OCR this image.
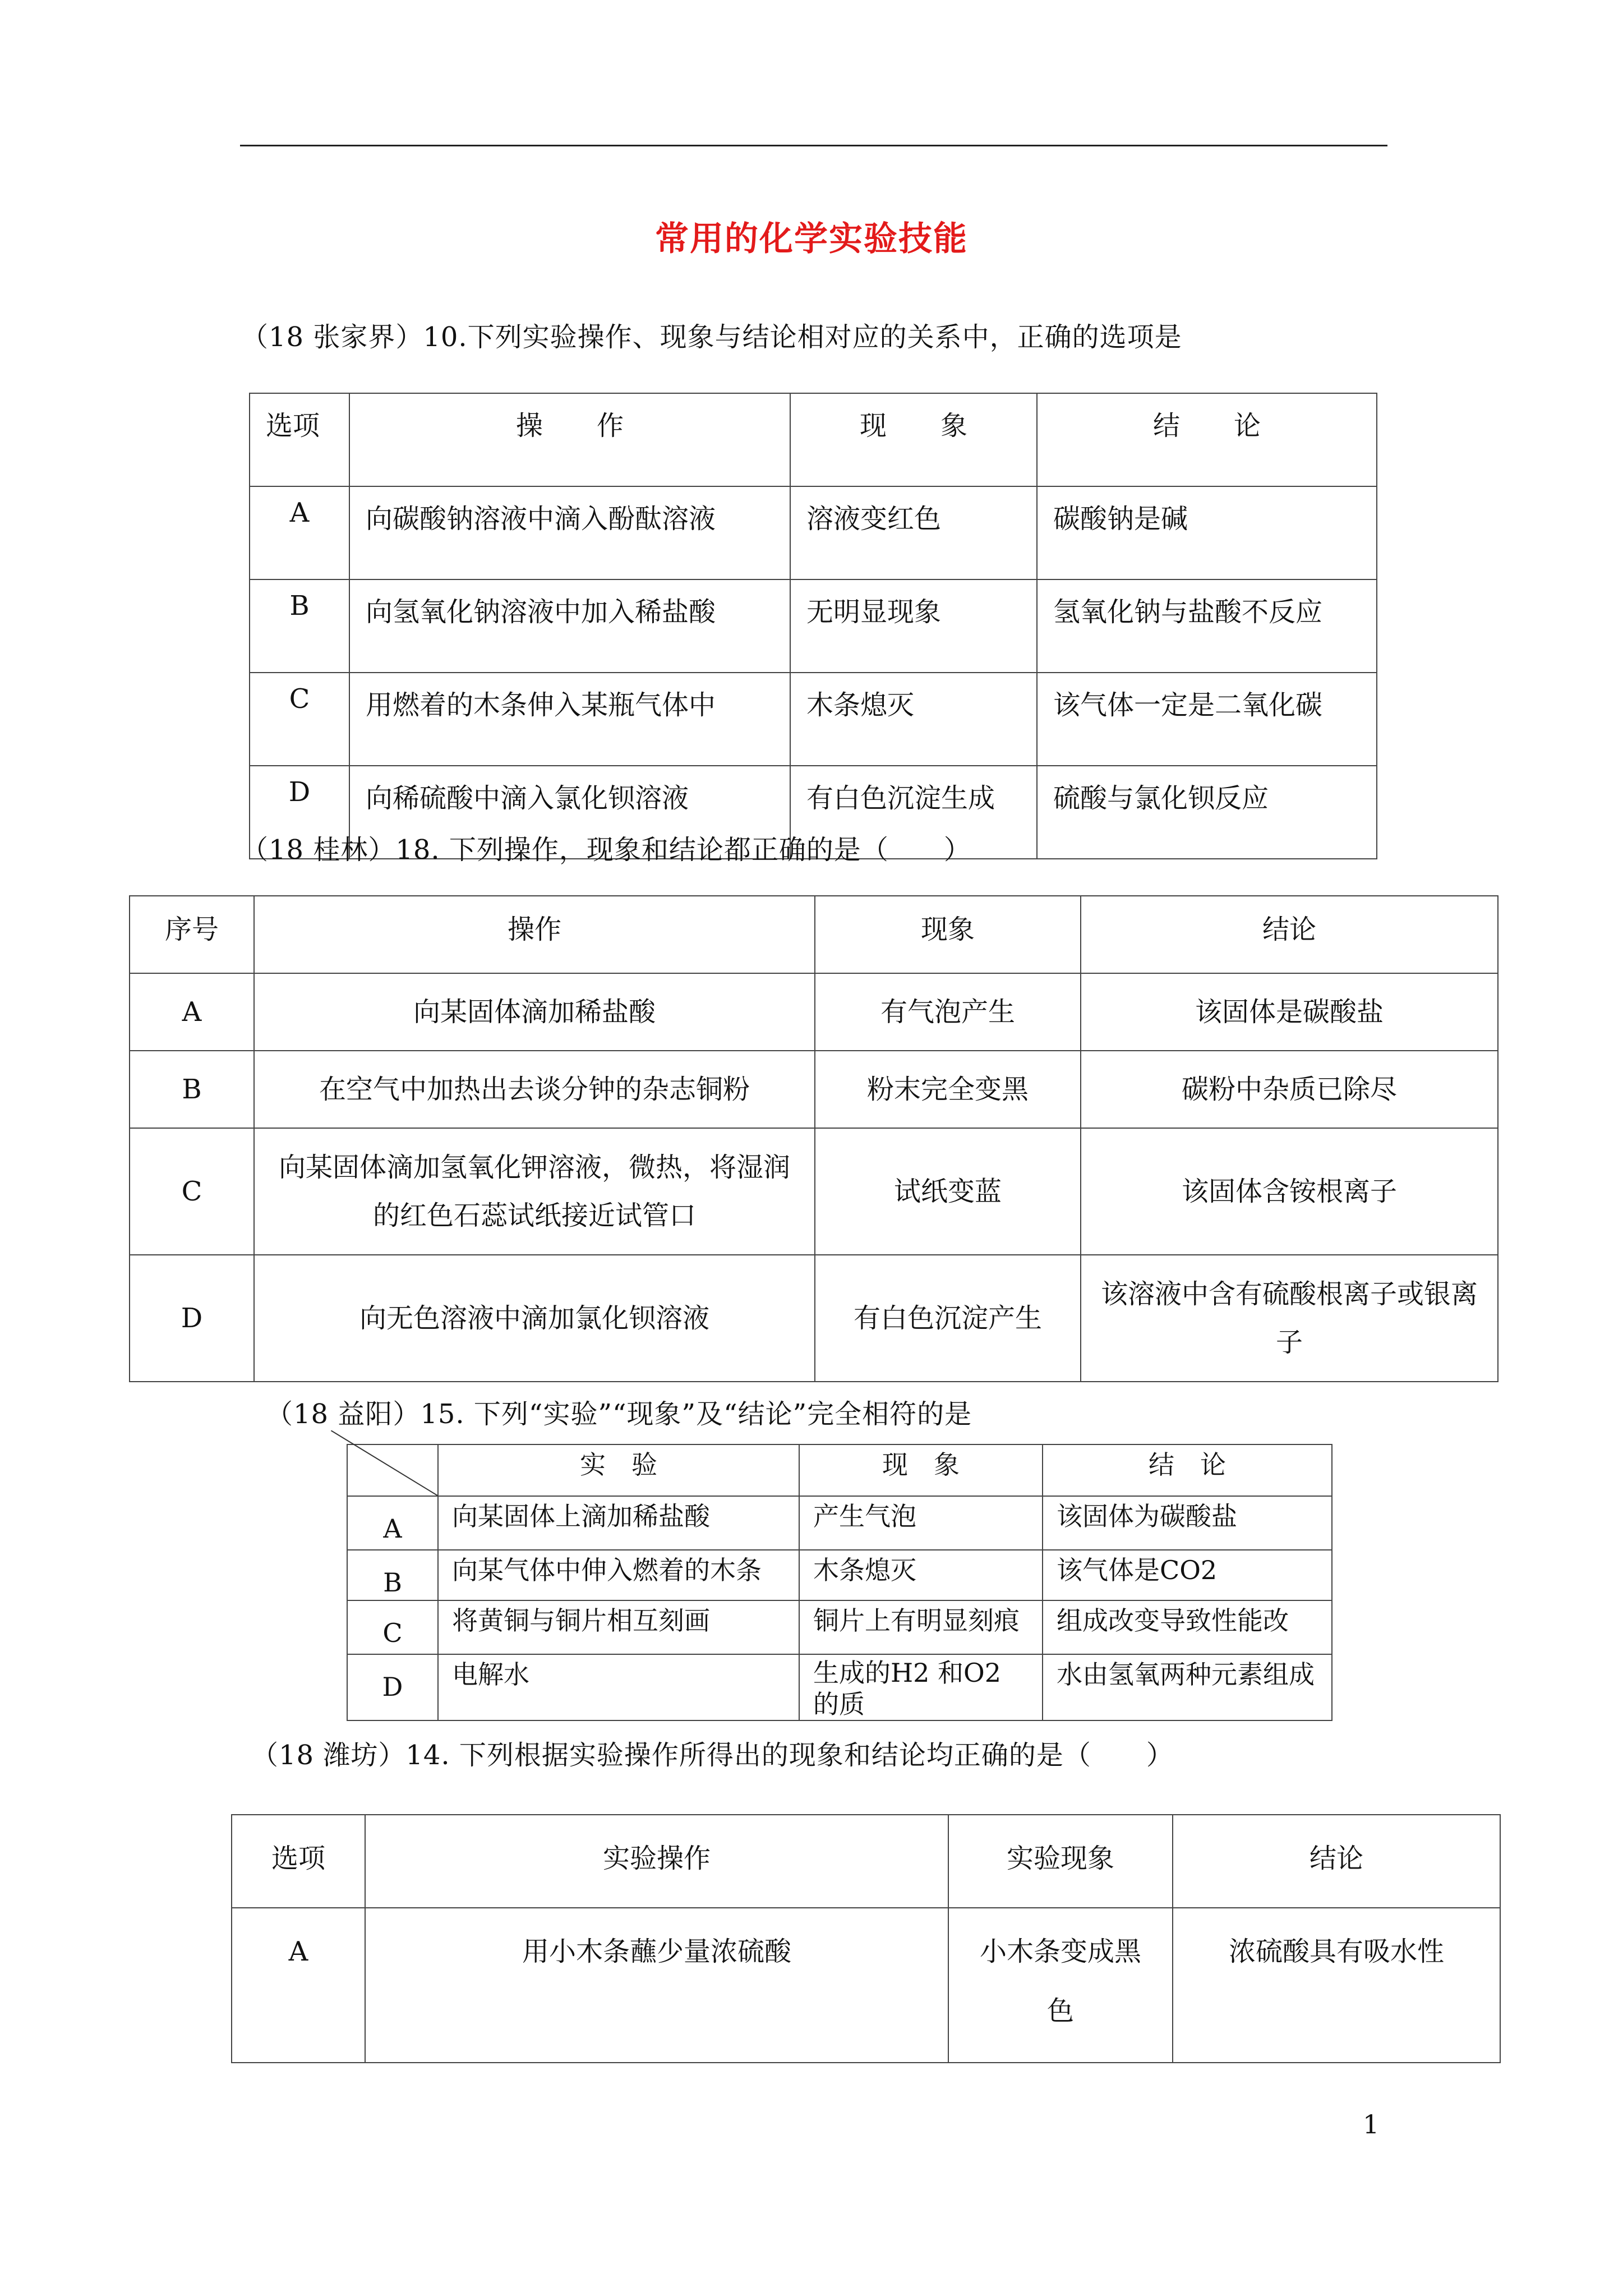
常用的化学实验技能
（18 张家界）10.下列实验操作、现象与结论相对应的关系中，正确的选项是
选项	操　　作	现　　象	结　　论
A	向碳酸钠溶液中滴入酚酞溶液	溶液变红色	碳酸钠是碱
B	向氢氧化钠溶液中加入稀盐酸	无明显现象	氢氧化钠与盐酸不反应
C	用燃着的木条伸入某瓶气体中	木条熄灭	该气体一定是二氧化碳
D	向稀硫酸中滴入氯化钡溶液	有白色沉淀生成	硫酸与氯化钡反应
（18 桂林）18. 下列操作，现象和结论都正确的是（　　）
序号	操作	现象	结论
A	向某固体滴加稀盐酸	有气泡产生	该固体是碳酸盐
B	在空气中加热出去谈分钟的杂志铜粉	粉末完全变黑	碳粉中杂质已除尽
C	向某固体滴加氢氧化钾溶液，微热，将湿润的红色石蕊试纸接近试管口	试纸变蓝	该固体含铵根离子
D	向无色溶液中滴加氯化钡溶液	有白色沉淀产生	该溶液中含有硫酸根离子或银离子
（18 益阳）15. 下列“实验”“现象”及“结论”完全相符的是
	实　验	现　象	结　论
A	向某固体上滴加稀盐酸	产生气泡	该固体为碳酸盐
B	向某气体中伸入燃着的木条	木条熄灭	该气体是CO2
C	将黄铜与铜片相互刻画	铜片上有明显刻痕	组成改变导致性能改
D	电解水	生成的H2 和O2 的质	水由氢氧两种元素组成
（18 潍坊）14. 下列根据实验操作所得出的现象和结论均正确的是（　　）
选项	实验操作	实验现象	结论
A	用小木条蘸少量浓硫酸	小木条变成黑色	浓硫酸具有吸水性
1
